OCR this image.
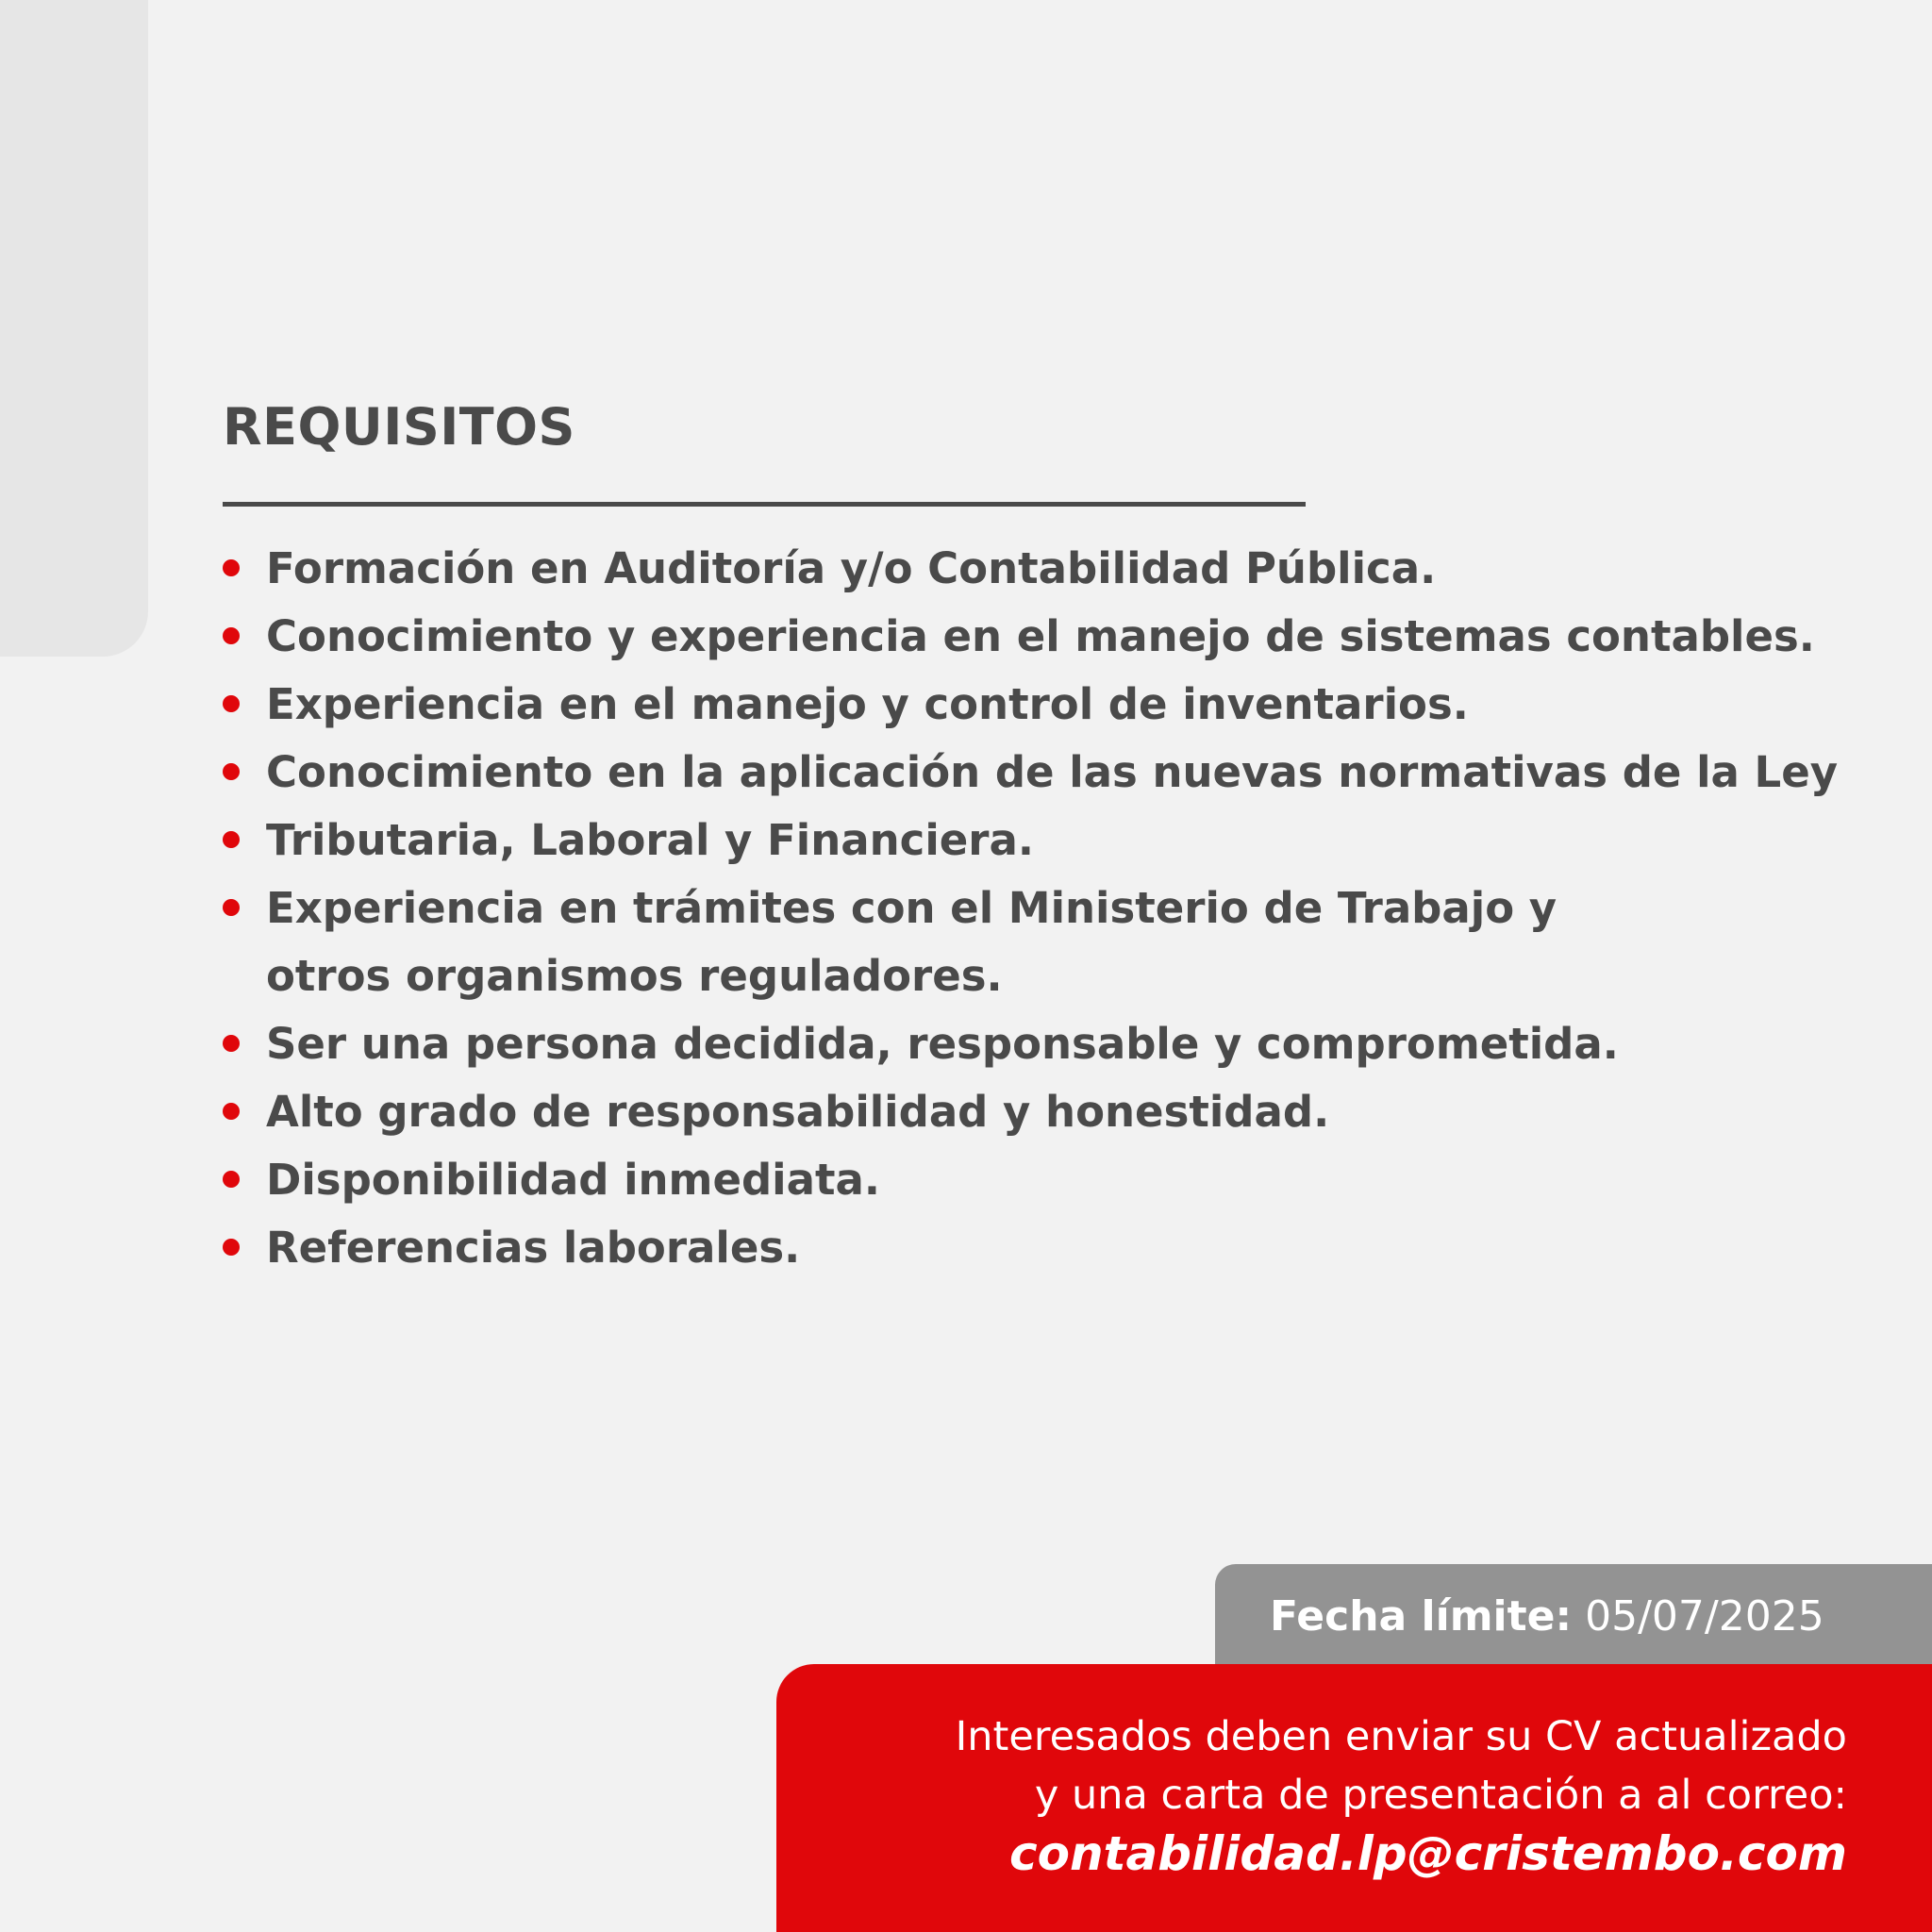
REQUISITOS
Formación en Auditoría y/o Contabilidad Pública.
Conocimiento y experiencia en el manejo de sistemas contables.
Experiencia en el manejo y control de inventarios.
Conocimiento en la aplicación de las nuevas normativas de la Ley
Tributaria, Laboral y Financiera.
Experiencia en trámites con el Ministerio de Trabajo y otros organismos reguladores.
Ser una persona decidida, responsable y comprometida.
Alto grado de responsabilidad y honestidad.
Disponibilidad inmediata.
Referencias laborales.
Fecha límite: 05/07/2025
Interesados deben enviar su CV actualizado
y una carta de presentación a al correo:
contabilidad.lp@cristembo.com
